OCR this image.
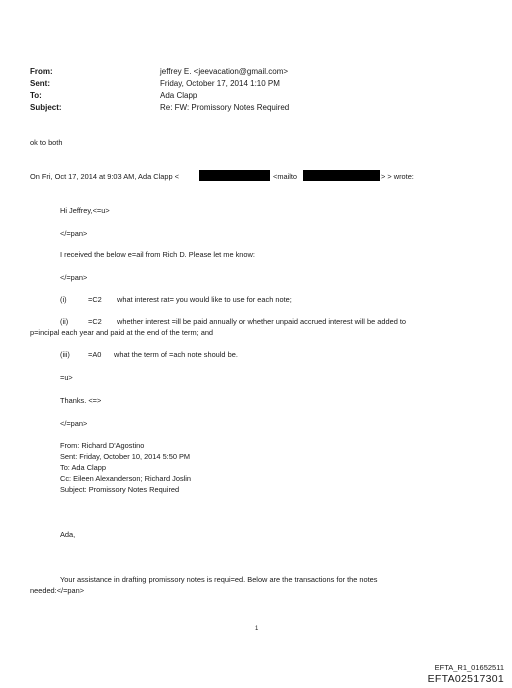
From:	jeffrey E. <jeevacation@gmail.com>
Sent:	Friday, October 17, 2014 1:10 PM
To:	Ada Clapp
Subject:	Re: FW: Promissory Notes Required
ok to both
On Fri, Oct 17, 2014 at 9:03 AM, Ada Clapp <	<mailto	> > wrote:
Hi Jeffrey,<=u>
</=pan>
I received the below e=ail from Rich D. Please let me know:
</=pan>
(i)	=C2 what interest rat= you would like to use for each note;
(ii)	=C2 whether interest =ill be paid annually or whether unpaid accrued interest will be added to
p=incipal each year and paid at the end of the term; and
(iii) =A0 what the term of =ach note should be.
=u>
Thanks. <=>
</=pan>
From: Richard D'Agostino
Sent: Friday, October 10, 2014 5:50 PM
To: Ada Clapp
Cc: Eileen Alexanderson; Richard Joslin
Subject: Promissory Notes Required
Ada,
Your assistance in drafting promissory notes is requi=ed. Below are the transactions for the notes
needed:</=pan>
1
EFTA_R1_01652511
EFTA02517301
